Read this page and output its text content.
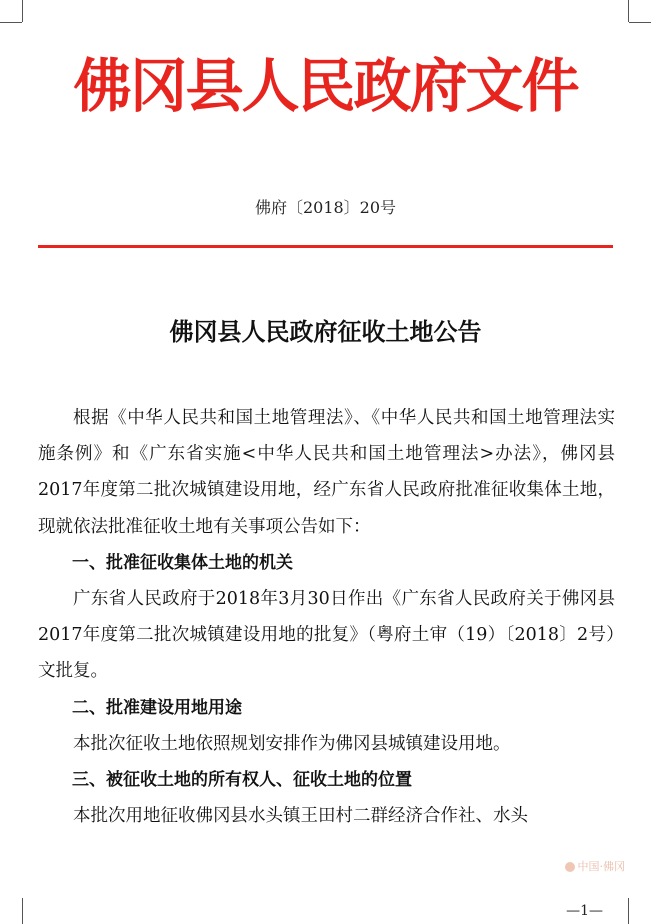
佛冈县人民政府文件
佛府〔2018〕20号
佛冈县人民政府征收土地公告

根据《中华人民共和国土地管理法》、《中华人民共和国土地管理法实施条例》和《广东省实施<中华人民共和国土地管理法>办法》，佛冈县2017年度第二批次城镇建设用地，经广东省人民政府批准征收集体土地，现就依法批准征收土地有关事项公告如下：

一、批准征收集体土地的机关

广东省人民政府于2018年3月30日作出《广东省人民政府关于佛冈县2017年度第二批次城镇建设用地的批复》（粤府土审（19）〔2018〕2号）文批复。

二、批准建设用地用途

本批次征收土地依照规划安排作为佛冈县城镇建设用地。

三、被征收土地的所有权人、征收土地的位置

本批次用地征收佛冈县水头镇王田村二群经济合作社、水头

中国·佛冈
—1—
